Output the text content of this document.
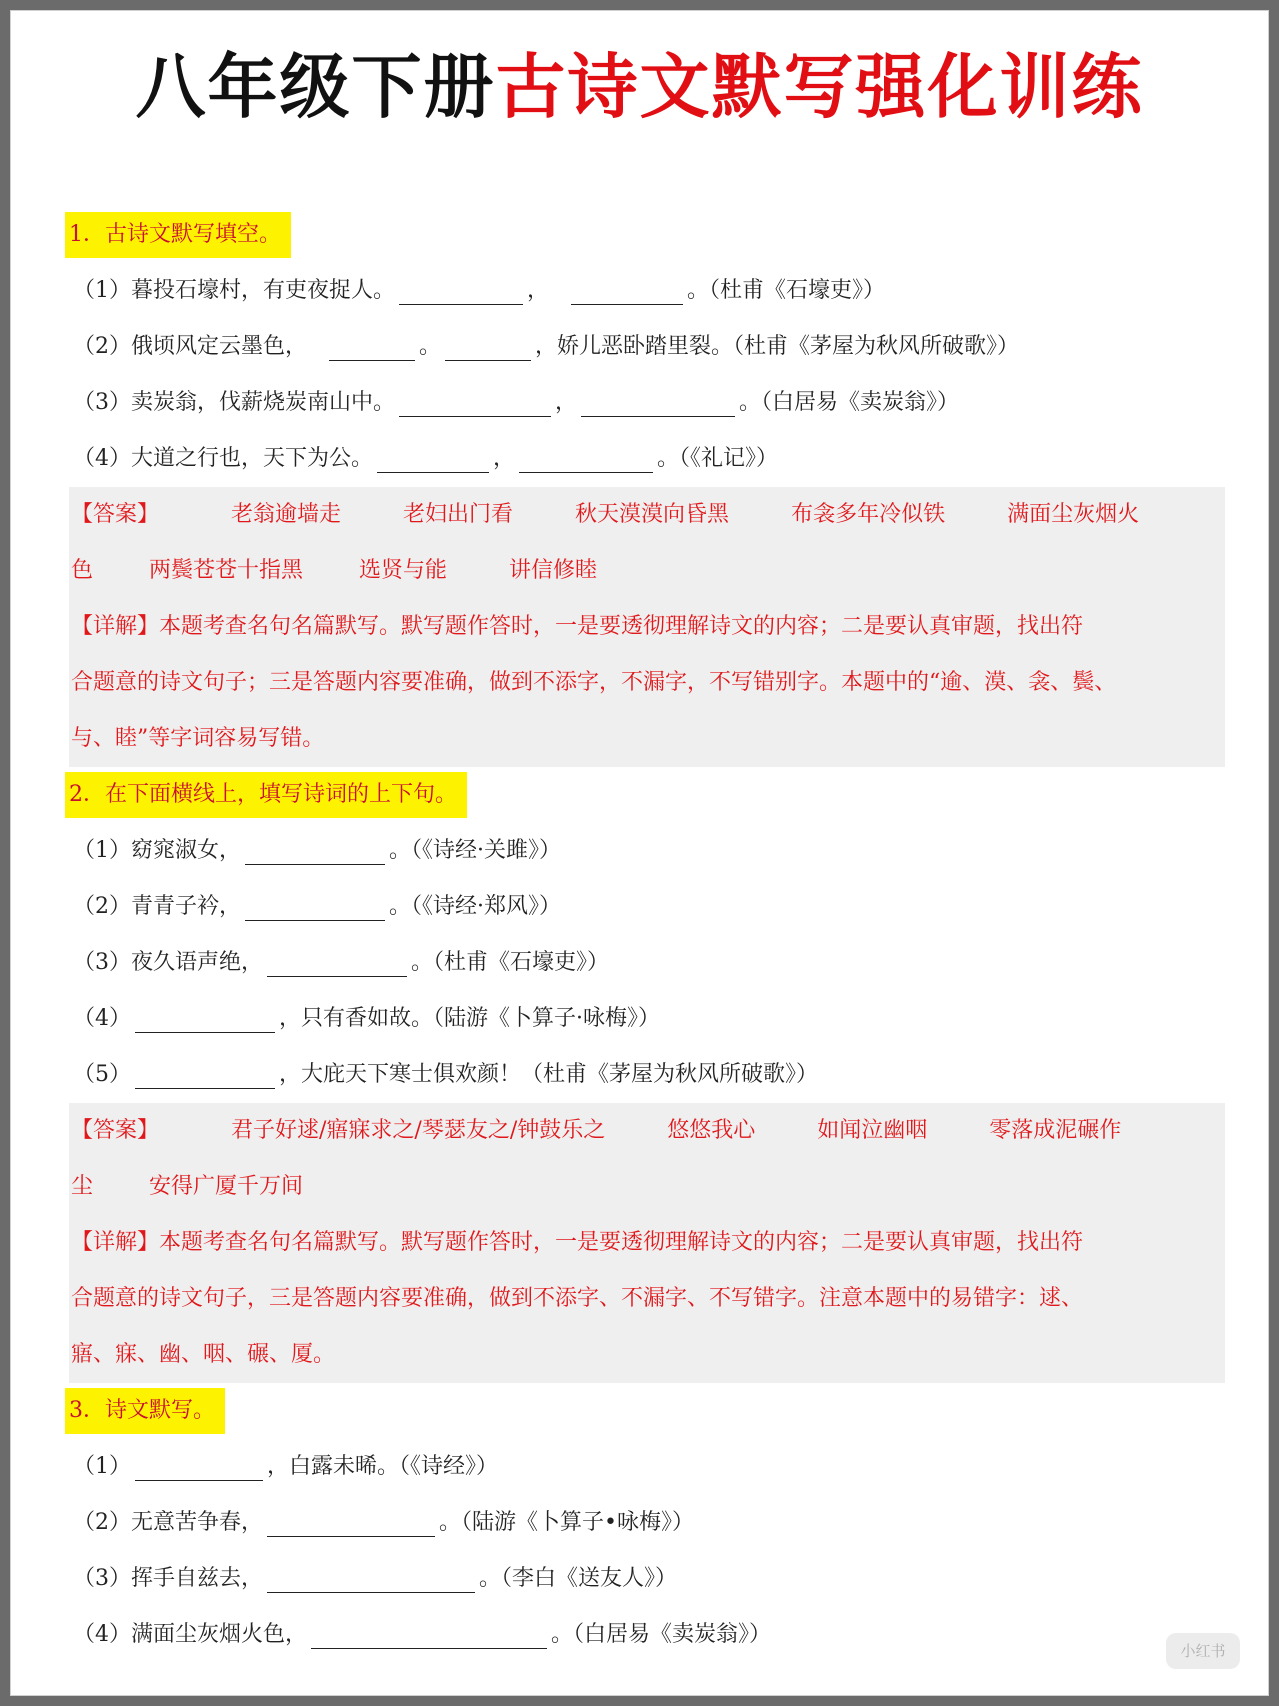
八年级下册古诗文默写强化训练
1．古诗文默写填空。
（1）暮投石壕村，有吏夜捉人。	，	。（杜甫《石壕吏》）
（2）俄顷风定云墨色，	。	，娇儿恶卧踏里裂。（杜甫《茅屋为秋风所破歌》）
（3）卖炭翁，伐薪烧炭南山中。	，	。（白居易《卖炭翁》）
（4）大道之行也，天下为公。	，	。（《礼记》）
【答案】	老翁逾墙走	老妇出门看	秋天漠漠向昏黑	布衾多年冷似铁	满面尘灰烟火
色	两鬓苍苍十指黑	选贤与能	讲信修睦
【详解】本题考查名句名篇默写。默写题作答时，一是要透彻理解诗文的内容；二是要认真审题，找出符
合题意的诗文句子；三是答题内容要准确，做到不添字，不漏字，不写错别字。本题中的“逾、漠、衾、鬓、
与、睦”等字词容易写错。
2．在下面横线上，填写诗词的上下句。
（1）窈窕淑女，	。（《诗经·关雎》）
（2）青青子衿，	。（《诗经·郑风》）
（3）夜久语声绝，	。（杜甫《石壕吏》）
（4）	，只有香如故。（陆游《卜算子·咏梅》）
（5）	，大庇天下寒士俱欢颜！（杜甫《茅屋为秋风所破歌》）
【答案】	君子好逑/寤寐求之/琴瑟友之/钟鼓乐之	悠悠我心	如闻泣幽咽	零落成泥碾作
尘	安得广厦千万间
【详解】本题考查名句名篇默写。默写题作答时，一是要透彻理解诗文的内容；二是要认真审题，找出符
合题意的诗文句子，三是答题内容要准确，做到不添字、不漏字、不写错字。注意本题中的易错字：逑、
寤、寐、幽、咽、碾、厦。
3．诗文默写。
（1）	，白露未晞。（《诗经》）
（2）无意苦争春，	。（陆游《卜算子•咏梅》）
（3）挥手自兹去，	。（李白《送友人》）
（4）满面尘灰烟火色，	。（白居易《卖炭翁》）
小红书
